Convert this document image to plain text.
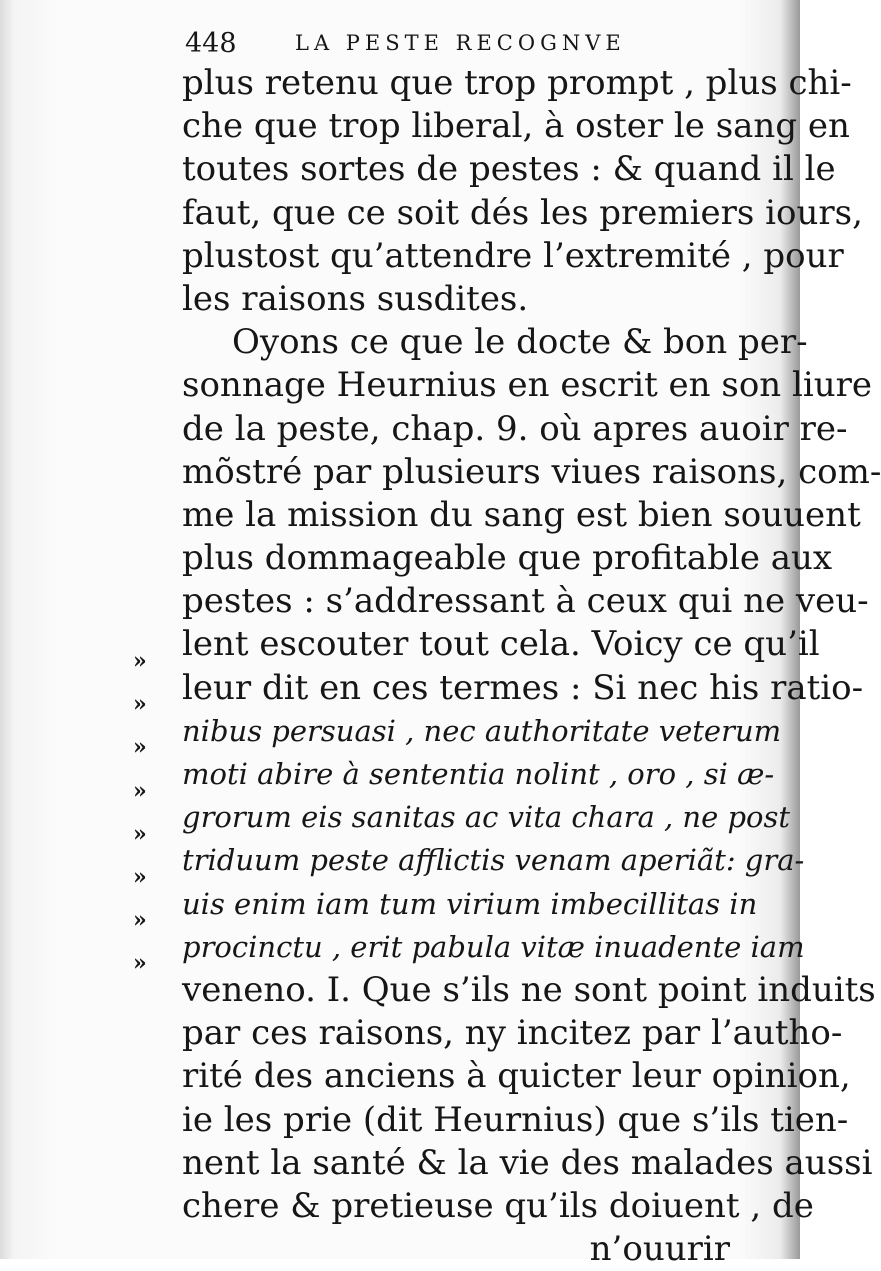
448	LA PESTE RECOGNVE
»
»
»
»
»
»
»
»
plus retenu que trop prompt , plus chi-
che que trop liberal, à oster le sang en
toutes sortes de pestes : & quand il le
faut, que ce soit dés les premiers iours,
plustost qu’attendre l’extremité , pour
les raisons susdites.
Oyons ce que le docte & bon per-
sonnage Heurnius en escrit en son liure
de la peste, chap. 9. où apres auoir re-
mõstré par plusieurs viues raisons, com-
me la mission du sang est bien souuent
plus dommageable que profitable aux
pestes : s’addressant à ceux qui ne veu-
lent escouter tout cela. Voicy ce qu’il
leur dit en ces termes : Si nec his ratio-
nibus persuasi , nec authoritate veterum
moti abire à sententia nolint , oro , si æ-
grorum eis sanitas ac vita chara , ne post
triduum peste afflictis venam aperiãt: gra-
uis enim iam tum virium imbecillitas in
procinctu , erit pabula vitæ inuadente iam
veneno. I. Que s’ils ne sont point induits
par ces raisons, ny incitez par l’autho-
rité des anciens à quicter leur opinion,
ie les prie (dit Heurnius) que s’ils tien-
nent la santé & la vie des malades aussi
chere & pretieuse qu’ils doiuent , de
n’ouurir
